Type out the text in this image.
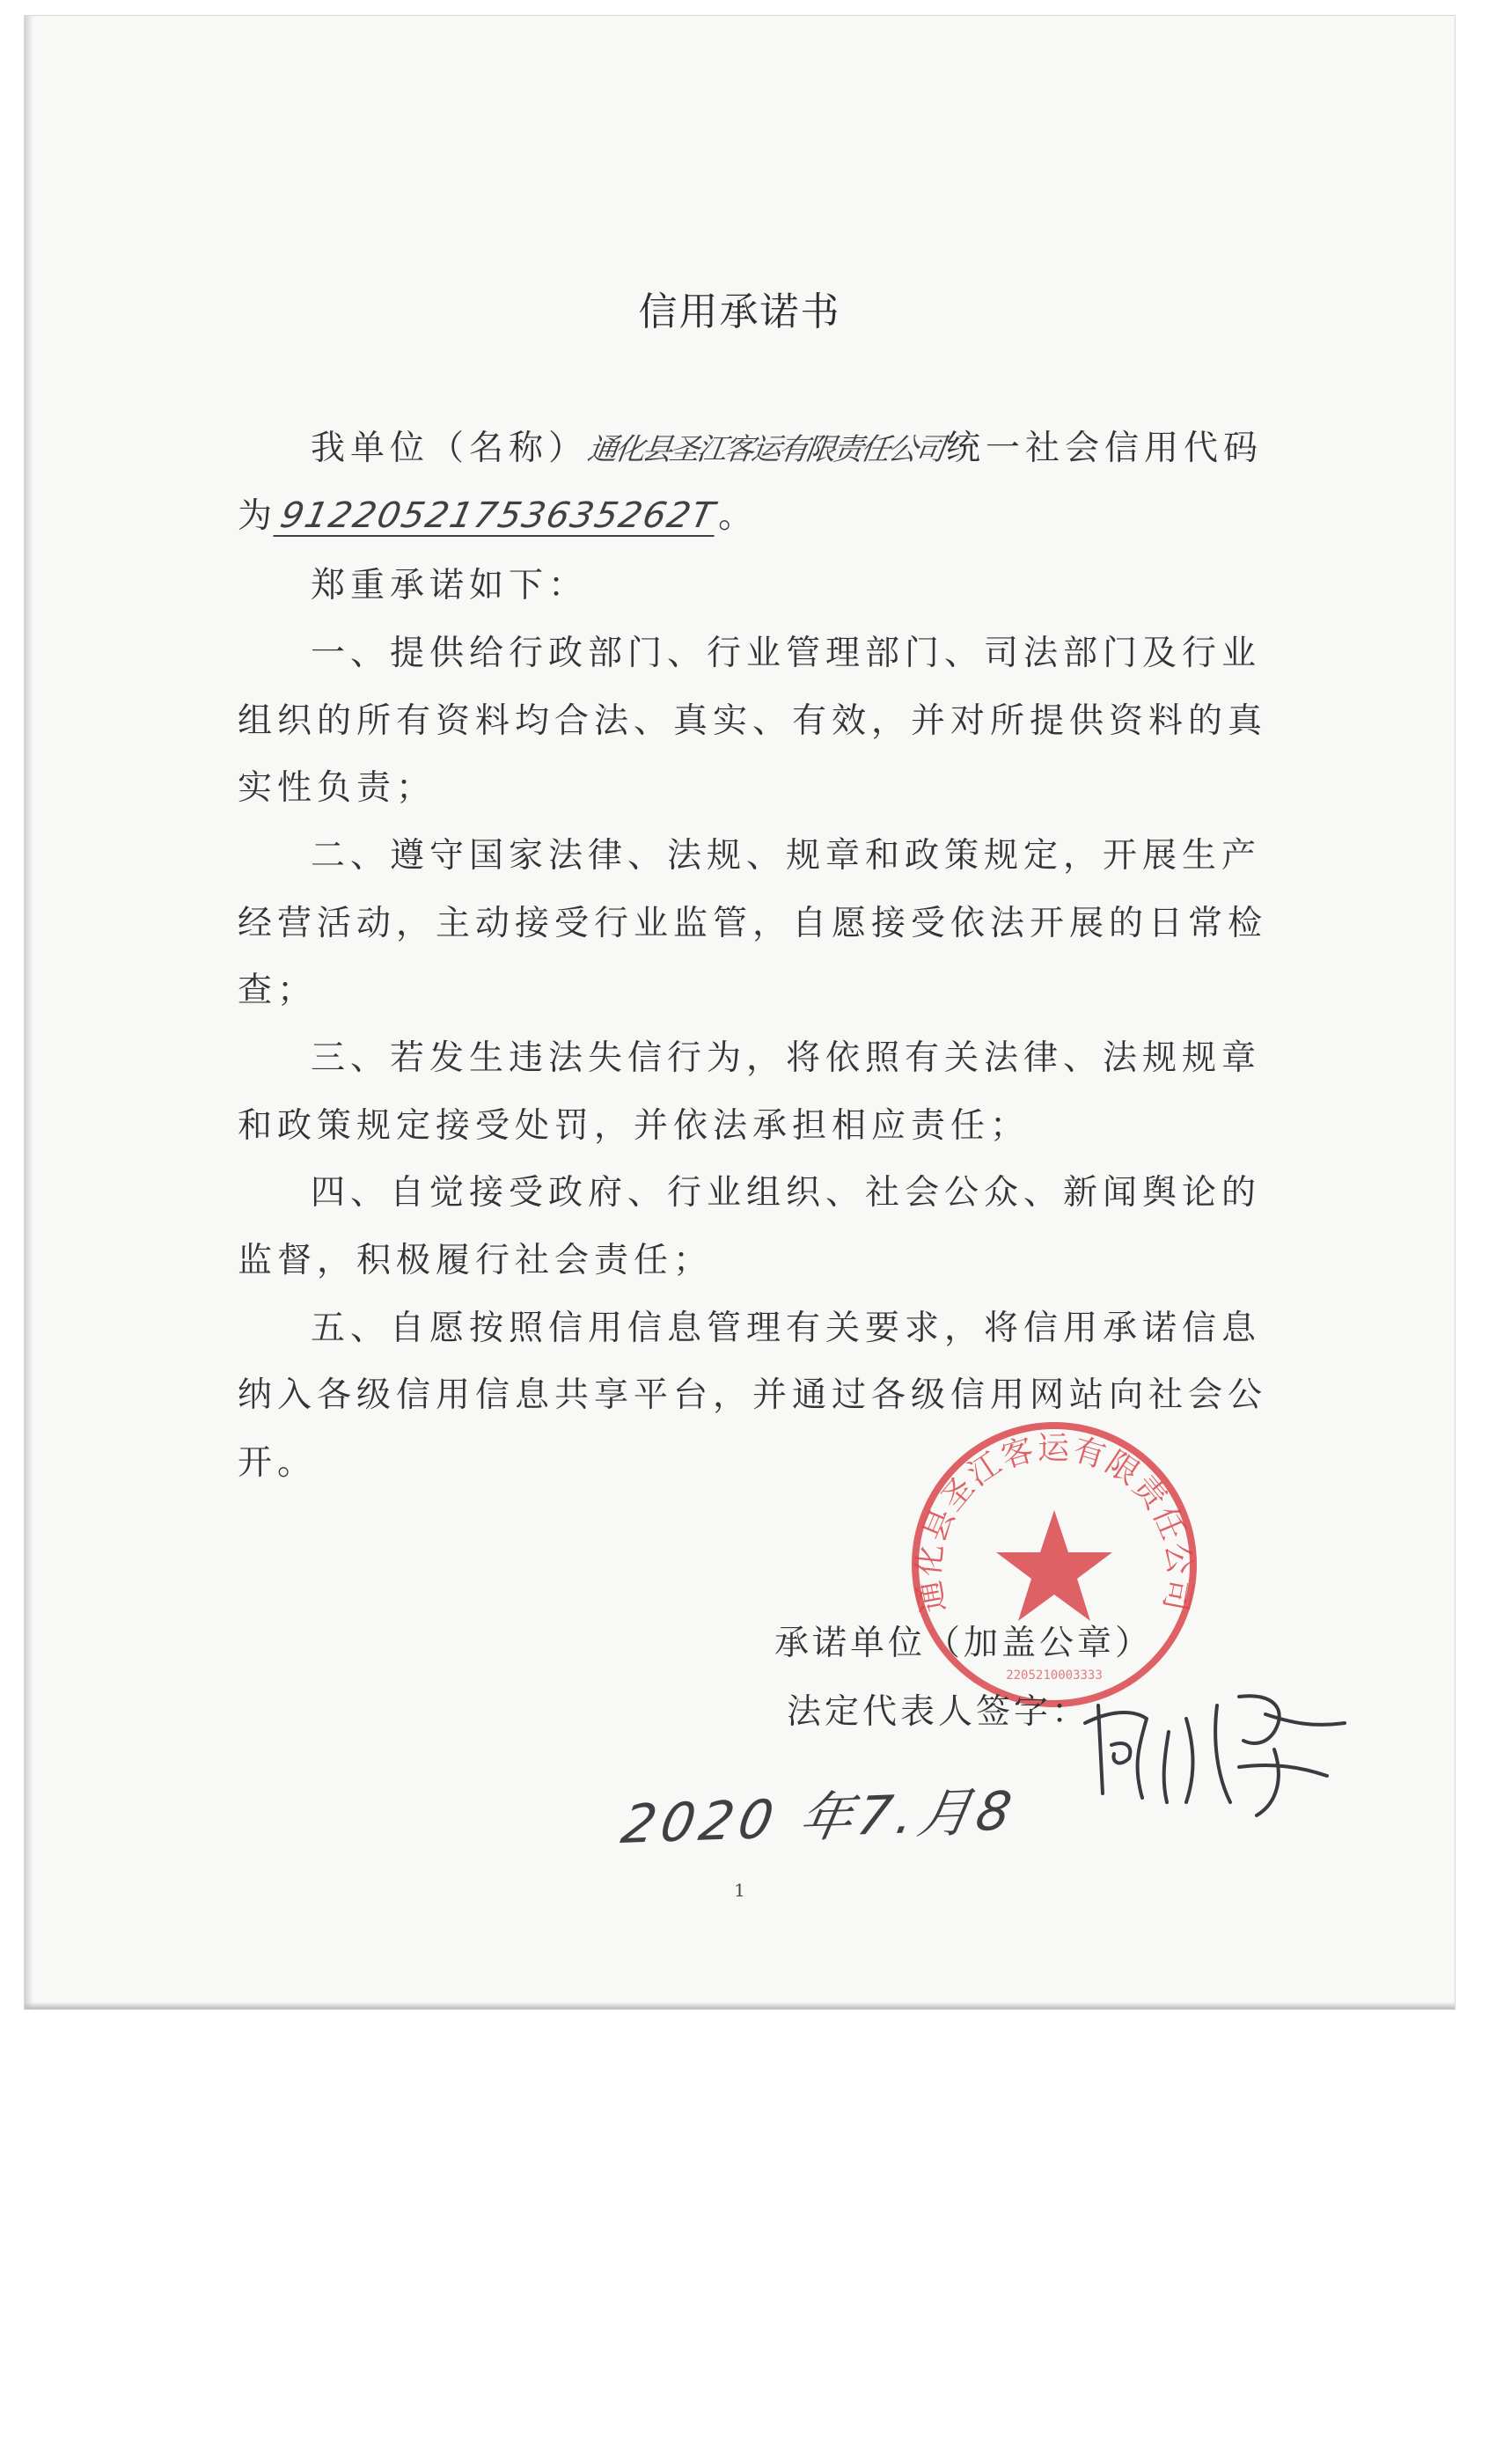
信用承诺书
我单位（名称）通化县圣江客运有限责任公司统一社会信用代码
为91220521753635262T。
郑重承诺如下：
一、提供给行政部门、行业管理部门、司法部门及行业
组织的所有资料均合法、真实、有效，并对所提供资料的真
实性负责；
二、遵守国家法律、法规、规章和政策规定，开展生产
经营活动，主动接受行业监管，自愿接受依法开展的日常检
查；
三、若发生违法失信行为，将依照有关法律、法规规章
和政策规定接受处罚，并依法承担相应责任；
四、自觉接受政府、行业组织、社会公众、新闻舆论的
监督，积极履行社会责任；
五、自愿按照信用信息管理有关要求，将信用承诺信息
纳入各级信用信息共享平台，并通过各级信用网站向社会公
开。
通化县圣江客运有限责任公司
2205210003333
承诺单位（加盖公章）
法定代表人签字：
2020 年7.月8
1
